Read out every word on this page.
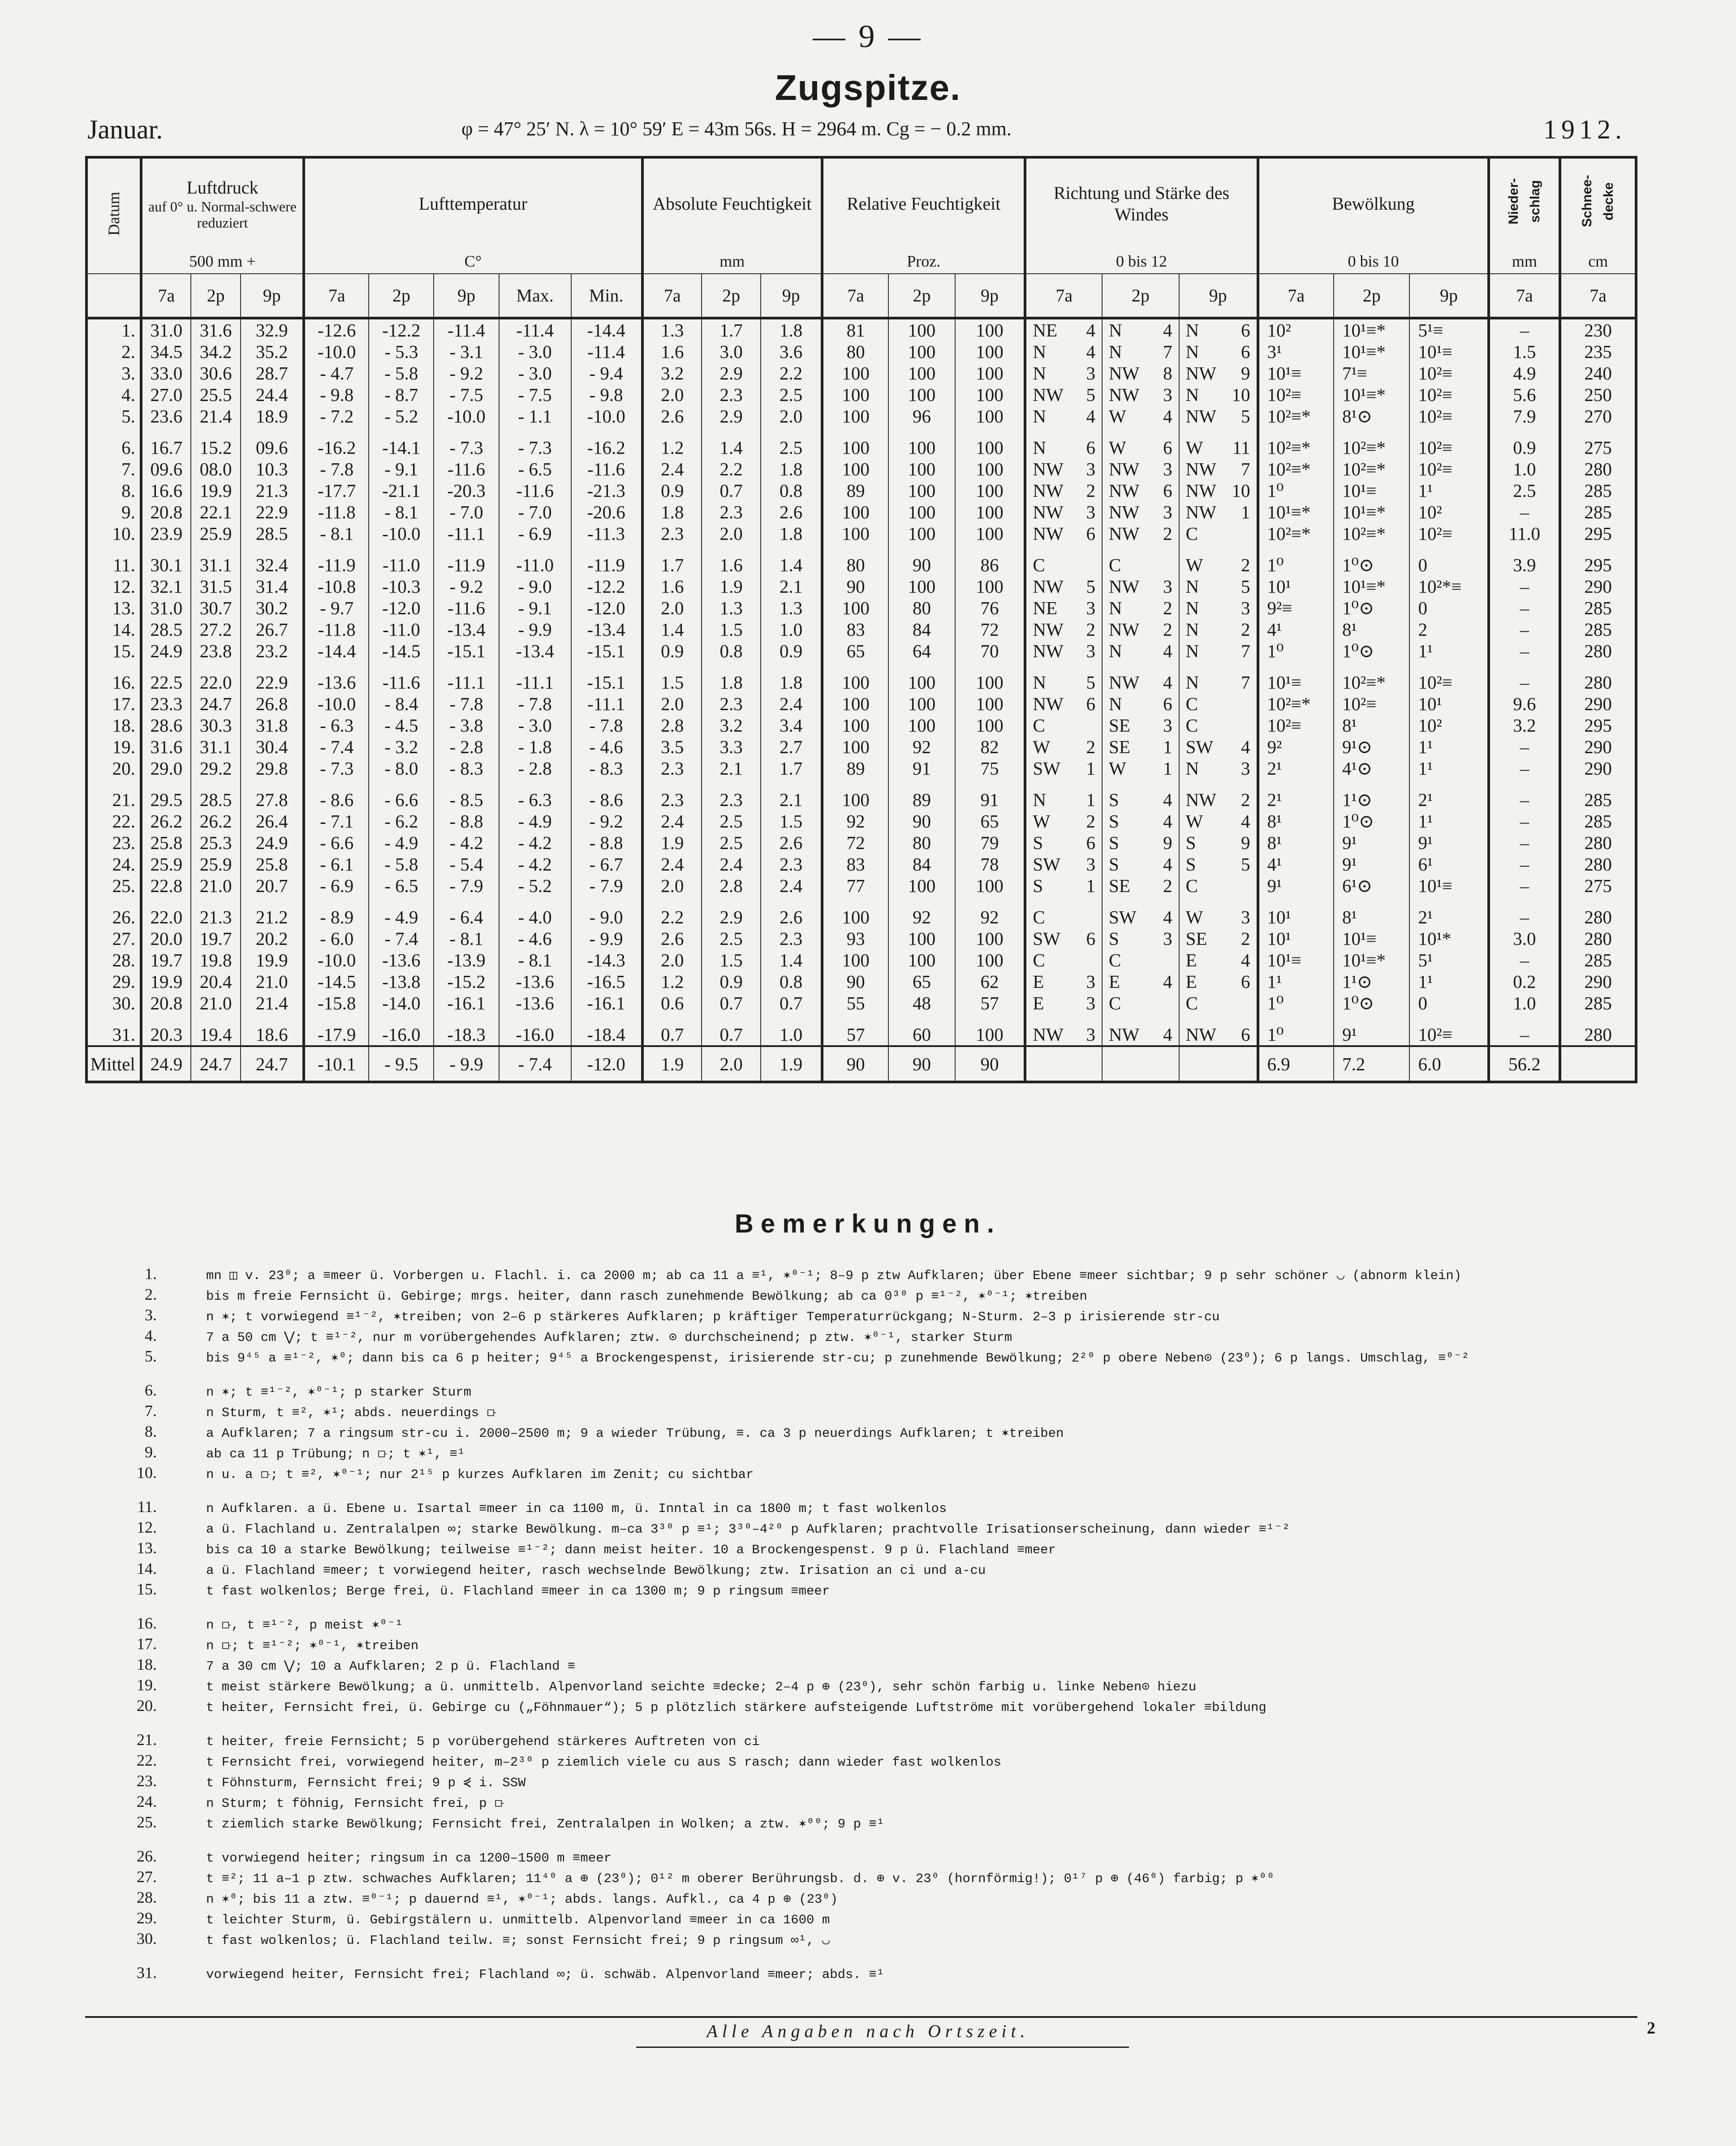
— 9 —
Zugspitze.
Januar.	φ = 47° 25′ N. λ = 10° 59′ E = 43m 56s. H = 2964 m. Cg = − 0.2 mm.	1912.
Datum	Luftdruck
auf 0° u. Normal-schwere reduziert			Lufttemperatur					Absolute Feuchtigkeit			Relative Feuchtigkeit			Richtung und Stärke des Windes			Bewölkung			Nieder-schlag	Schnee-decke
	500 mm +			C°					mm			Proz.			0 bis 12			0 bis 10			mm	cm
	7a	2p	9p	7a	2p	9p	Max.	Min.	7a	2p	9p	7a	2p	9p	7a	2p	9p	7a	2p	9p	7a	7a
1.	31.0	31.6	32.9	-12.6	-12.2	-11.4	-11.4	-14.4	1.3	1.7	1.8	81	100	100	NE 4	N 4	N 6	10²	10¹≡*	5¹≡	–	230
2.	34.5	34.2	35.2	-10.0	- 5.3	- 3.1	- 3.0	-11.4	1.6	3.0	3.6	80	100	100	N 4	N 7	N 6	3¹	10¹≡*	10¹≡	1.5	235
3.	33.0	30.6	28.7	- 4.7	- 5.8	- 9.2	- 3.0	- 9.4	3.2	2.9	2.2	100	100	100	N 3	NW 8	NW 9	10¹≡	7¹≡	10²≡	4.9	240
4.	27.0	25.5	24.4	- 9.8	- 8.7	- 7.5	- 7.5	- 9.8	2.0	2.3	2.5	100	100	100	NW 5	NW 3	N 10	10²≡	10¹≡*	10²≡	5.6	250
5.	23.6	21.4	18.9	- 7.2	- 5.2	-10.0	- 1.1	-10.0	2.6	2.9	2.0	100	96	100	N 4	W 4	NW 5	10²≡*	8¹⊙	10²≡	7.9	270

6.	16.7	15.2	09.6	-16.2	-14.1	- 7.3	- 7.3	-16.2	1.2	1.4	2.5	100	100	100	N 6	W 6	W 11	10²≡*	10²≡*	10²≡	0.9	275
7.	09.6	08.0	10.3	- 7.8	- 9.1	-11.6	- 6.5	-11.6	2.4	2.2	1.8	100	100	100	NW 3	NW 3	NW 7	10²≡*	10²≡*	10²≡	1.0	280
8.	16.6	19.9	21.3	-17.7	-21.1	-20.3	-11.6	-21.3	0.9	0.7	0.8	89	100	100	NW 2	NW 6	NW 10	1⁰	10¹≡	1¹	2.5	285
9.	20.8	22.1	22.9	-11.8	- 8.1	- 7.0	- 7.0	-20.6	1.8	2.3	2.6	100	100	100	NW 3	NW 3	NW 1	10¹≡*	10¹≡*	10²	–	285
10.	23.9	25.9	28.5	- 8.1	-10.0	-11.1	- 6.9	-11.3	2.3	2.0	1.8	100	100	100	NW 6	NW 2	C	10²≡*	10²≡*	10²≡	11.0	295

11.	30.1	31.1	32.4	-11.9	-11.0	-11.9	-11.0	-11.9	1.7	1.6	1.4	80	90	86	C	C	W 2	1⁰	1⁰⊙	0	3.9	295
12.	32.1	31.5	31.4	-10.8	-10.3	- 9.2	- 9.0	-12.2	1.6	1.9	2.1	90	100	100	NW 5	NW 3	N 5	10¹	10¹≡*	10²*≡	–	290
13.	31.0	30.7	30.2	- 9.7	-12.0	-11.6	- 9.1	-12.0	2.0	1.3	1.3	100	80	76	NE 3	N 2	N 3	9²≡	1⁰⊙	0	–	285
14.	28.5	27.2	26.7	-11.8	-11.0	-13.4	- 9.9	-13.4	1.4	1.5	1.0	83	84	72	NW 2	NW 2	N 2	4¹	8¹	2	–	285
15.	24.9	23.8	23.2	-14.4	-14.5	-15.1	-13.4	-15.1	0.9	0.8	0.9	65	64	70	NW 3	N 4	N 7	1⁰	1⁰⊙	1¹	–	280

16.	22.5	22.0	22.9	-13.6	-11.6	-11.1	-11.1	-15.1	1.5	1.8	1.8	100	100	100	N 5	NW 4	N 7	10¹≡	10²≡*	10²≡	–	280
17.	23.3	24.7	26.8	-10.0	- 8.4	- 7.8	- 7.8	-11.1	2.0	2.3	2.4	100	100	100	NW 6	N 6	C	10²≡*	10²≡	10¹	9.6	290
18.	28.6	30.3	31.8	- 6.3	- 4.5	- 3.8	- 3.0	- 7.8	2.8	3.2	3.4	100	100	100	C	SE 3	C	10²≡	8¹	10²	3.2	295
19.	31.6	31.1	30.4	- 7.4	- 3.2	- 2.8	- 1.8	- 4.6	3.5	3.3	2.7	100	92	82	W 2	SE 1	SW 4	9²	9¹⊙	1¹	–	290
20.	29.0	29.2	29.8	- 7.3	- 8.0	- 8.3	- 2.8	- 8.3	2.3	2.1	1.7	89	91	75	SW 1	W 1	N 3	2¹	4¹⊙	1¹	–	290

21.	29.5	28.5	27.8	- 8.6	- 6.6	- 8.5	- 6.3	- 8.6	2.3	2.3	2.1	100	89	91	N 1	S 4	NW 2	2¹	1¹⊙	2¹	–	285
22.	26.2	26.2	26.4	- 7.1	- 6.2	- 8.8	- 4.9	- 9.2	2.4	2.5	1.5	92	90	65	W 2	S 4	W 4	8¹	1⁰⊙	1¹	–	285
23.	25.8	25.3	24.9	- 6.6	- 4.9	- 4.2	- 4.2	- 8.8	1.9	2.5	2.6	72	80	79	S 6	S 9	S 9	8¹	9¹	9¹	–	280
24.	25.9	25.9	25.8	- 6.1	- 5.8	- 5.4	- 4.2	- 6.7	2.4	2.4	2.3	83	84	78	SW 3	S 4	S 5	4¹	9¹	6¹	–	280
25.	22.8	21.0	20.7	- 6.9	- 6.5	- 7.9	- 5.2	- 7.9	2.0	2.8	2.4	77	100	100	S 1	SE 2	C	9¹	6¹⊙	10¹≡	–	275

26.	22.0	21.3	21.2	- 8.9	- 4.9	- 6.4	- 4.0	- 9.0	2.2	2.9	2.6	100	92	92	C	SW 4	W 3	10¹	8¹	2¹	–	280
27.	20.0	19.7	20.2	- 6.0	- 7.4	- 8.1	- 4.6	- 9.9	2.6	2.5	2.3	93	100	100	SW 6	S 3	SE 2	10¹	10¹≡	10¹*	3.0	280
28.	19.7	19.8	19.9	-10.0	-13.6	-13.9	- 8.1	-14.3	2.0	1.5	1.4	100	100	100	C	C	E 4	10¹≡	10¹≡*	5¹	–	285
29.	19.9	20.4	21.0	-14.5	-13.8	-15.2	-13.6	-16.5	1.2	0.9	0.8	90	65	62	E 3	E 4	E 6	1¹	1¹⊙	1¹	0.2	290
30.	20.8	21.0	21.4	-15.8	-14.0	-16.1	-13.6	-16.1	0.6	0.7	0.7	55	48	57	E 3	C	C	1⁰	1⁰⊙	0	1.0	285

31.	20.3	19.4	18.6	-17.9	-16.0	-18.3	-16.0	-18.4	0.7	0.7	1.0	57	60	100	NW 3	NW 4	NW 6	1⁰	9¹	10²≡	–	280
Mittel	24.9	24.7	24.7	-10.1	- 9.5	- 9.9	- 7.4	-12.0	1.9	2.0	1.9	90	90	90				6.9	7.2	6.0	56.2	
Bemerkungen.
1.	mn ◫ v. 23⁰; a ≡meer ü. Vorbergen u. Flachl. i. ca 2000 m; ab ca 11 a ≡¹, ✶⁰⁻¹; 8–9 p ztw Aufklaren; über Ebene ≡meer sichtbar; 9 p sehr schöner ◡ (abnorm klein)
2.	bis m freie Fernsicht ü. Gebirge; mrgs. heiter, dann rasch zunehmende Bewölkung; ab ca 0³⁰ p ≡¹⁻², ✶⁰⁻¹; ✶treiben
3.	n ✶; t vorwiegend ≡¹⁻², ✶treiben; von 2–6 p stärkeres Aufklaren; p kräftiger Temperaturrückgang; N-Sturm. 2–3 p irisierende str-cu
4.	7 a 50 cm ⋁; t ≡¹⁻², nur m vorübergehendes Aufklaren; ztw. ⊙ durchscheinend; p ztw. ✶⁰⁻¹, starker Sturm
5.	bis 9⁴⁵ a ≡¹⁻², ✶⁰; dann bis ca 6 p heiter; 9⁴⁵ a Brockengespenst, irisierende str-cu; p zunehmende Bewölkung; 2²⁰ p obere Neben⊙ (23⁰); 6 p langs. Umschlag, ≡⁰⁻²
6.	n ✶; t ≡¹⁻², ✶⁰⁻¹; p starker Sturm
7.	n Sturm, t ≡², ✶¹; abds. neuerdings ⟥
8.	a Aufklaren; 7 a ringsum str-cu i. 2000–2500 m; 9 a wieder Trübung, ≡. ca 3 p neuerdings Aufklaren; t ✶treiben
9.	ab ca 11 p Trübung; n ⟥; t ✶¹, ≡¹
10.	n u. a ⟥; t ≡², ✶⁰⁻¹; nur 2¹⁵ p kurzes Aufklaren im Zenit; cu sichtbar
11.	n Aufklaren. a ü. Ebene u. Isartal ≡meer in ca 1100 m, ü. Inntal in ca 1800 m; t fast wolkenlos
12.	a ü. Flachland u. Zentralalpen ∞; starke Bewölkung. m–ca 3³⁰ p ≡¹; 3³⁰–4²⁰ p Aufklaren; prachtvolle Irisationserscheinung, dann wieder ≡¹⁻²
13.	bis ca 10 a starke Bewölkung; teilweise ≡¹⁻²; dann meist heiter. 10 a Brockengespenst. 9 p ü. Flachland ≡meer
14.	a ü. Flachland ≡meer; t vorwiegend heiter, rasch wechselnde Bewölkung; ztw. Irisation an ci und a-cu
15.	t fast wolkenlos; Berge frei, ü. Flachland ≡meer in ca 1300 m; 9 p ringsum ≡meer
16.	n ⟥, t ≡¹⁻², p meist ✶⁰⁻¹
17.	n ⟥; t ≡¹⁻²; ✶⁰⁻¹, ✶treiben
18.	7 a 30 cm ⋁; 10 a Aufklaren; 2 p ü. Flachland ≡
19.	t meist stärkere Bewölkung; a ü. unmittelb. Alpenvorland seichte ≡decke; 2–4 p ⊕ (23⁰), sehr schön farbig u. linke Neben⊙ hiezu
20.	t heiter, Fernsicht frei, ü. Gebirge cu („Föhnmauer“); 5 p plötzlich stärkere aufsteigende Luftströme mit vorübergehend lokaler ≡bildung
21.	t heiter, freie Fernsicht; 5 p vorübergehend stärkeres Auftreten von ci
22.	t Fernsicht frei, vorwiegend heiter, m–2³⁰ p ziemlich viele cu aus S rasch; dann wieder fast wolkenlos
23.	t Föhnsturm, Fernsicht frei; 9 p ⋞ i. SSW
24.	n Sturm; t föhnig, Fernsicht frei, p ⟥
25.	t ziemlich starke Bewölkung; Fernsicht frei, Zentralalpen in Wolken; a ztw. ✶⁰⁰; 9 p ≡¹
26.	t vorwiegend heiter; ringsum in ca 1200–1500 m ≡meer
27.	t ≡²; 11 a–1 p ztw. schwaches Aufklaren; 11⁴⁰ a ⊕ (23⁰); 0¹² m oberer Berührungsb. d. ⊕ v. 23⁰ (hornförmig!); 0¹⁷ p ⊕ (46⁰) farbig; p ✶⁰⁰
28.	n ✶⁰; bis 11 a ztw. ≡⁰⁻¹; p dauernd ≡¹, ✶⁰⁻¹; abds. langs. Aufkl., ca 4 p ⊕ (23⁰)
29.	t leichter Sturm, ü. Gebirgstälern u. unmittelb. Alpenvorland ≡meer in ca 1600 m
30.	t fast wolkenlos; ü. Flachland teilw. ≡; sonst Fernsicht frei; 9 p ringsum ∞¹, ◡
31.	vorwiegend heiter, Fernsicht frei; Flachland ∞; ü. schwäb. Alpenvorland ≡meer; abds. ≡¹
Alle Angaben nach Ortszeit.	2
